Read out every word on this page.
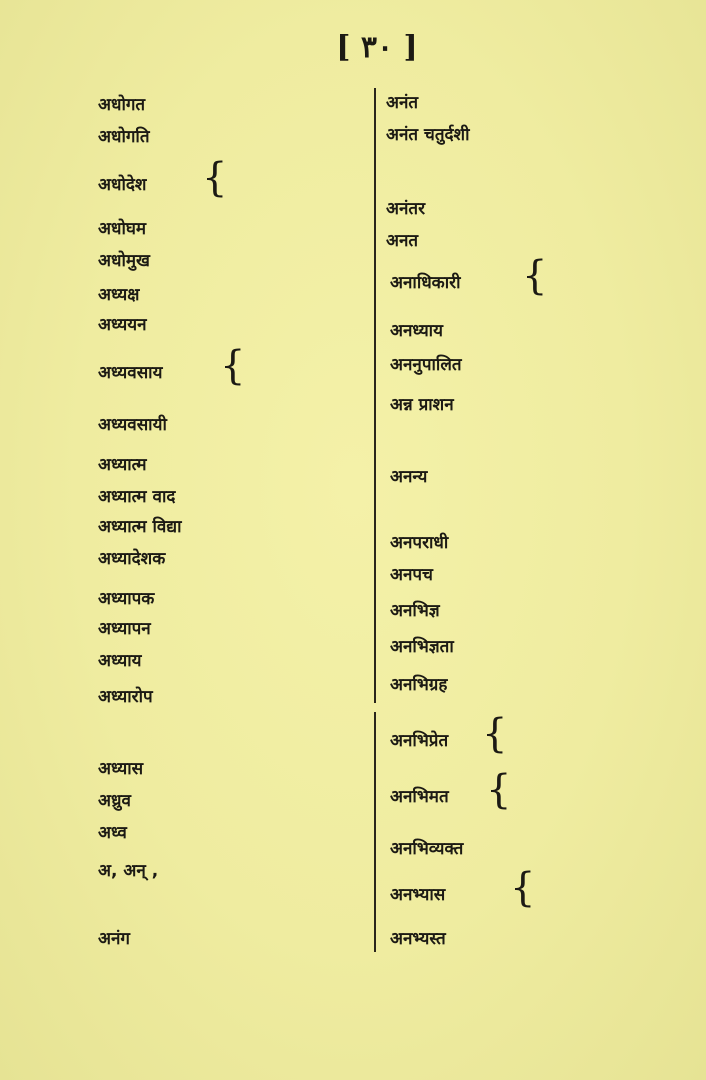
[ ٣٠ ]
अधोगत
अधोगति
अधोदेश {
अधोघम
अधोमुख
अध्यक्ष
अध्ययन
अध्यवसाय {
अध्यवसायी
अध्यात्म
अध्यात्म वाद
अध्यात्म विद्या
अध्यादेशक
अध्यापक
अध्यापन
अध्याय
अध्यारोप
अध्यास
अध्रुव
अध्व
अ, अन् ,
अनंग
अनंत
अनंत चतुर्दशी
अनंतर
अनत
अनाधिकारी {
अनध्याय
अननुपालित
अन्न प्राशन
अनन्य
अनपराधी
अनपच
अनभिज्ञ
अनभिज्ञता
अनभिग्रह
अनभिप्रेत {
अनभिमत {
अनभिव्यक्त
अनभ्यास {
अनभ्यस्त
